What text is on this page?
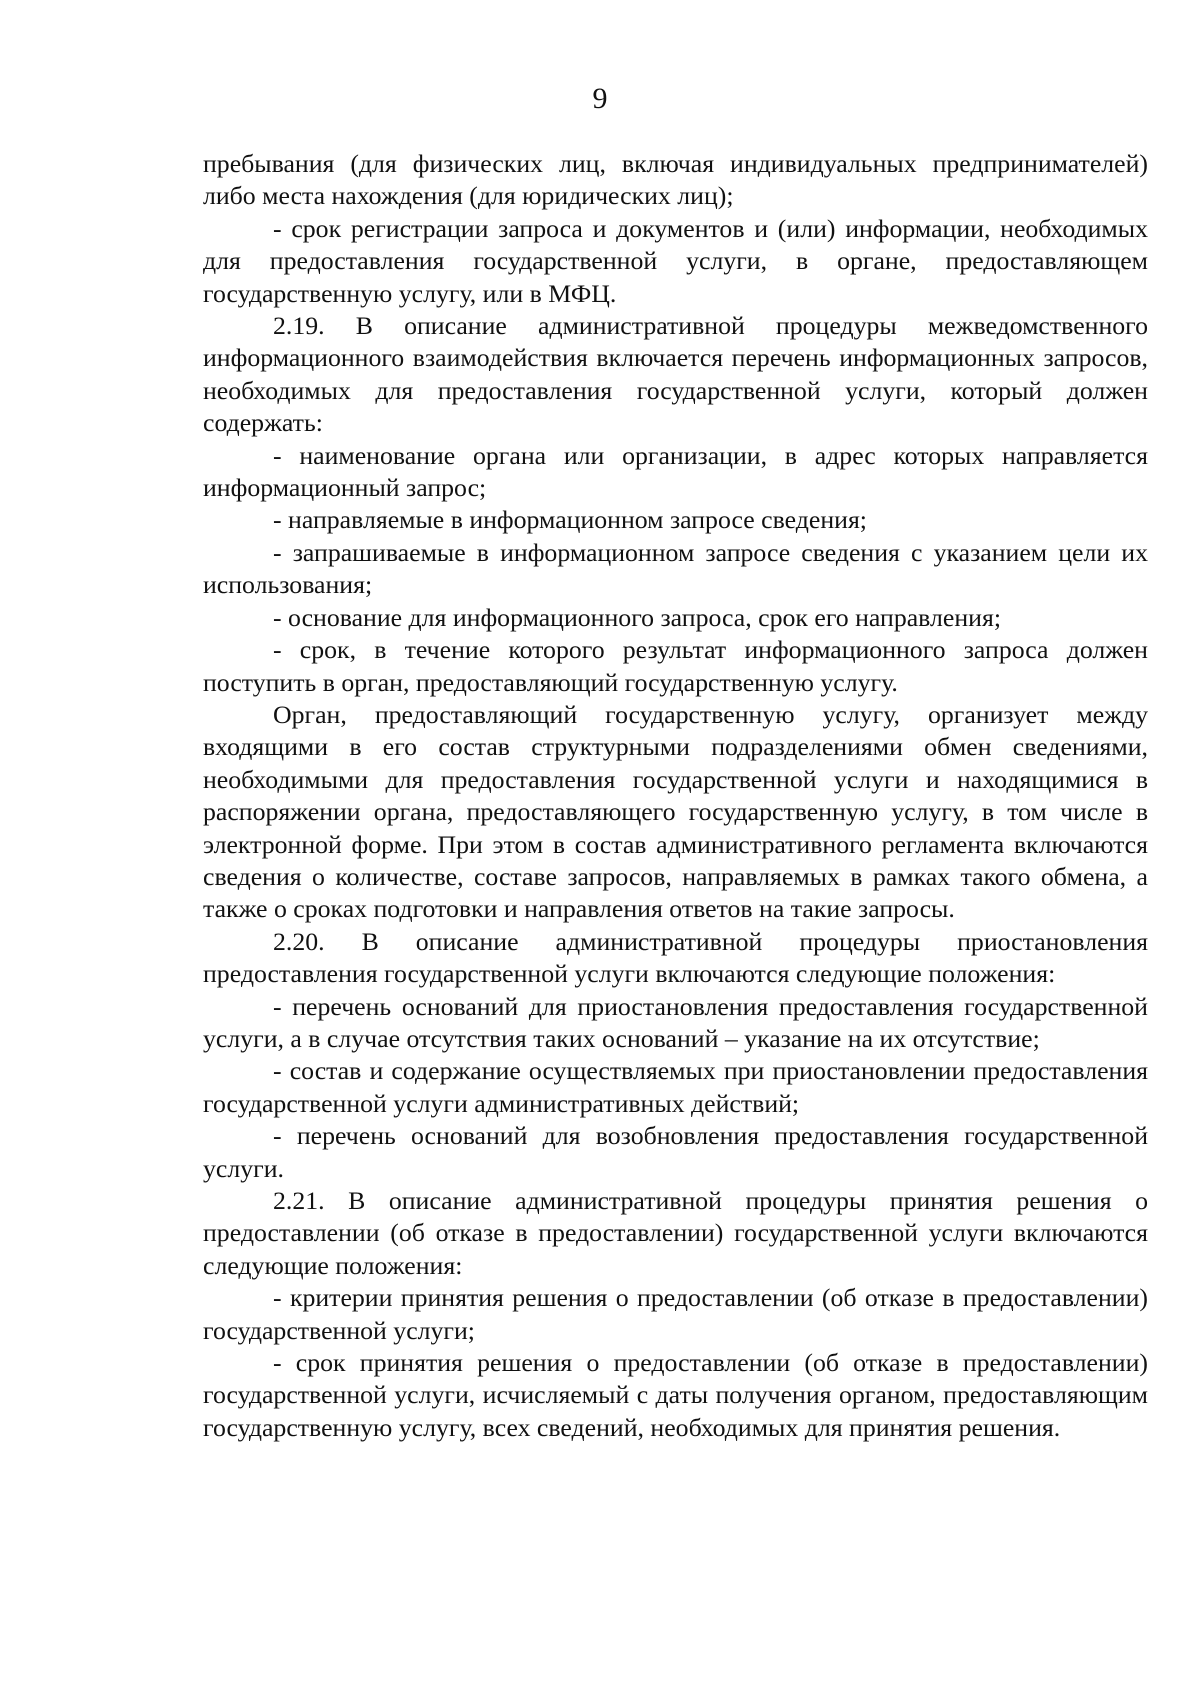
9

пребывания (для физических лиц, включая индивидуальных предпринимателей) либо места нахождения (для юридических лиц);

- срок регистрации запроса и документов и (или) информации, необходимых для предоставления государственной услуги, в органе, предоставляющем государственную услугу, или в МФЦ.

2.19. В описание административной процедуры межведомственного информационного взаимодействия включается перечень информационных запросов, необходимых для предоставления государственной услуги, который должен содержать:

- наименование органа или организации, в адрес которых направляется информационный запрос;

- направляемые в информационном запросе сведения;

- запрашиваемые в информационном запросе сведения с указанием цели их использования;

- основание для информационного запроса, срок его направления;

- срок, в течение которого результат информационного запроса должен поступить в орган, предоставляющий государственную услугу.

Орган, предоставляющий государственную услугу, организует между входящими в его состав структурными подразделениями обмен сведениями, необходимыми для предоставления государственной услуги и находящимися в распоряжении органа, предоставляющего государственную услугу, в том числе в электронной форме. При этом в состав административного регламента включаются сведения о количестве, составе запросов, направляемых в рамках такого обмена, а также о сроках подготовки и направления ответов на такие запросы.

2.20. В описание административной процедуры приостановления предоставления государственной услуги включаются следующие положения:

- перечень оснований для приостановления предоставления государственной услуги, а в случае отсутствия таких оснований – указание на их отсутствие;

- состав и содержание осуществляемых при приостановлении предоставления государственной услуги административных действий;

- перечень оснований для возобновления предоставления государственной услуги.

2.21. В описание административной процедуры принятия решения о предоставлении (об отказе в предоставлении) государственной услуги включаются следующие положения:

- критерии принятия решения о предоставлении (об отказе в предоставлении) государственной услуги;

- срок принятия решения о предоставлении (об отказе в предоставлении) государственной услуги, исчисляемый с даты получения органом, предоставляющим государственную услугу, всех сведений, необходимых для принятия решения.
